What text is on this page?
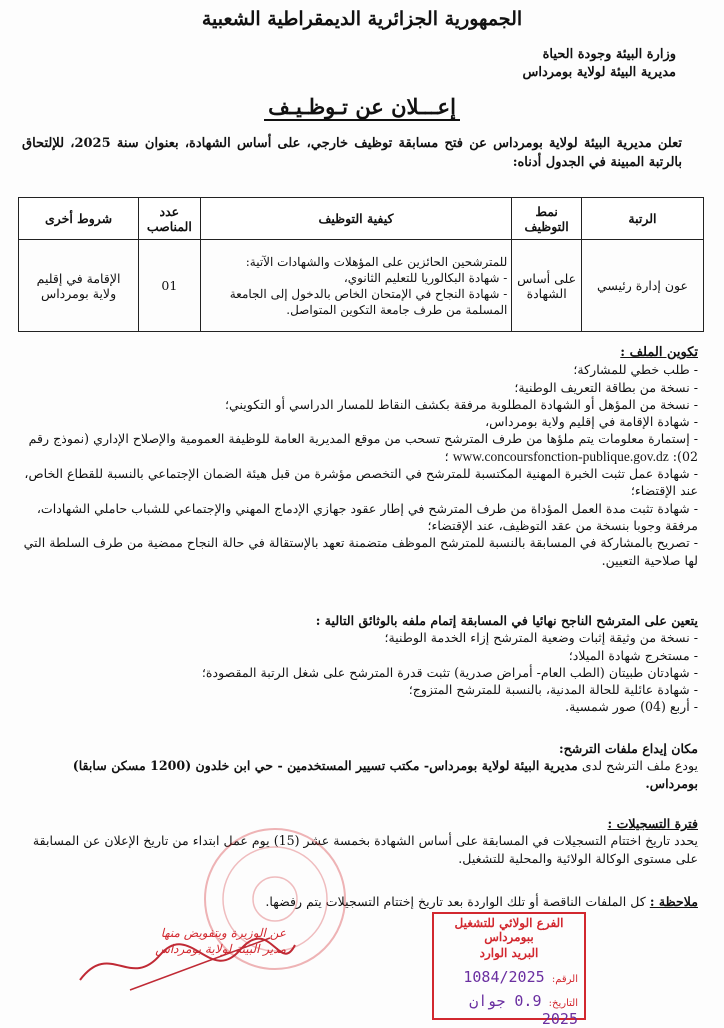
الجمهورية الجزائرية الديمقراطية الشعبية
وزارة البيئة وجودة الحياة
مديرية البيئة لولاية بومرداس
إعـــلان عن تـوظـيـف
تعلن مديرية البيئة لولاية بومرداس عن فتح مسابقة توظيف خارجي، على أساس الشهادة، بعنوان سنة 2025، للإلتحاق بالرتبة المبينة في الجدول أدناه:
الرتبة	نمط التوظيف	كيفية التوظيف	عدد المناصب	شروط أخرى
عون إدارة رئيسي	على أساس الشهادة	للمترشحين الحائزين على المؤهلات والشهادات الآتية:
- شهادة البكالوريا للتعليم الثانوي،
- شهادة النجاح في الإمتحان الخاص بالدخول إلى الجامعة المسلمة من طرف جامعة التكوين المتواصل.	01	الإقامة في إقليم ولاية بومرداس
تكوين الملف :
- طلب خطي للمشاركة؛
- نسخة من بطاقة التعريف الوطنية؛
- نسخة من المؤهل أو الشهادة المطلوبة مرفقة بكشف النقاط للمسار الدراسي أو التكويني؛
- شهادة الإقامة في إقليم ولاية بومرداس،
- إستمارة معلومات يتم ملؤها من طرف المترشح تسحب من موقع المديرية العامة للوظيفة العمومية والإصلاح الإداري (نموذج رقم 02): www.concoursfonction-publique.gov.dz ؛
- شهادة عمل تثبت الخبرة المهنية المكتسبة للمترشح في التخصص مؤشرة من قبل هيئة الضمان الإجتماعي بالنسبة للقطاع الخاص، عند الإقتضاء؛
- شهادة تثبت مدة العمل المؤداة من طرف المترشح في إطار عقود جهازي الإدماج المهني والإجتماعي للشباب حاملي الشهادات، مرفقة وجوبا بنسخة من عقد التوظيف، عند الإقتضاء؛
- تصريح بالمشاركة في المسابقة بالنسبة للمترشح الموظف متضمنة تعهد بالإستقالة في حالة النجاح ممضية من طرف السلطة التي لها صلاحية التعيين.
يتعين على المترشح الناجح نهائيا في المسابقة إتمام ملفه بالوثائق التالية :
- نسخة من وثيقة إثبات وضعية المترشح إزاء الخدمة الوطنية؛
- مستخرج شهادة الميلاد؛
- شهادتان طبيتان (الطب العام- أمراض صدرية) تثبت قدرة المترشح على شغل الرتبة المقصودة؛
- شهادة عائلية للحالة المدنية، بالنسبة للمترشح المتزوج؛
- أربع (04) صور شمسية.
مكان إيداع ملفات الترشح:
يودع ملف الترشح لدى مديرية البيئة لولاية بومرداس- مكتب تسيير المستخدمين - حي ابن خلدون (1200 مسكن سابقا) بومرداس.
فترة التسجيلات :
يحدد تاريخ اختتام التسجيلات في المسابقة على أساس الشهادة بخمسة عشر (15) يوم عمل ابتداء من تاريخ الإعلان عن المسابقة على مستوى الوكالة الولائية والمحلية للتشغيل.
ملاحظة : كل الملفات الناقصة أو تلك الواردة بعد تاريخ إختتام التسجيلات يتم رفضها.
عن الوزيرة وبتفويض منها
مدير البيئة لولاية بومرداس
الفرع الولائي للتشغيل ببومرداس
البريد الوارد
الرقم: 1084/2025
التاريخ: 0.9 جوان 2025
